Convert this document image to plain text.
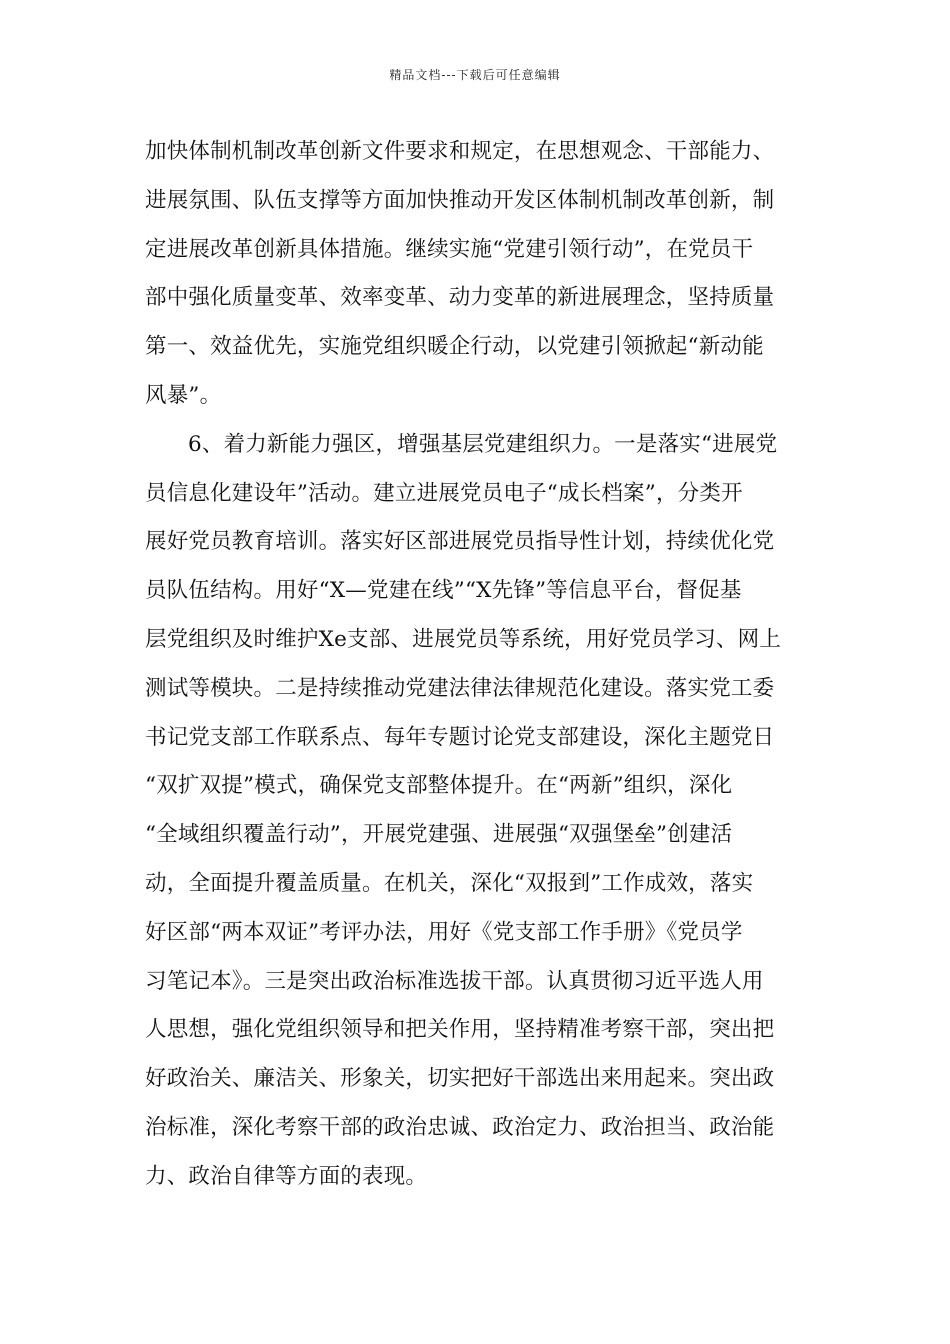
精品文档---下载后可任意编辑
加快体制机制改革创新文件要求和规定，在思想观念、干部能力、
进展氛围、队伍支撑等方面加快推动开发区体制机制改革创新，制
定进展改革创新具体措施。继续实施“党建引领行动”，在党员干
部中强化质量变革、效率变革、动力变革的新进展理念，坚持质量
第一、效益优先，实施党组织暖企行动，以党建引领掀起“新动能
风暴”。
6、着力新能力强区，增强基层党建组织力。一是落实“进展党
员信息化建设年”活动。建立进展党员电子“成长档案”，分类开
展好党员教育培训。落实好区部进展党员指导性计划，持续优化党
员队伍结构。用好“X—党建在线”“X先锋”等信息平台，督促基
层党组织及时维护Xe支部、进展党员等系统，用好党员学习、网上
测试等模块。二是持续推动党建法律法律规范化建设。落实党工委
书记党支部工作联系点、每年专题讨论党支部建设，深化主题党日
“双扩双提”模式，确保党支部整体提升。在“两新”组织，深化
“全域组织覆盖行动”，开展党建强、进展强“双强堡垒”创建活
动，全面提升覆盖质量。在机关，深化“双报到”工作成效，落实
好区部“两本双证”考评办法，用好《党支部工作手册》《党员学
习笔记本》。三是突出政治标准选拔干部。认真贯彻习近平选人用
人思想，强化党组织领导和把关作用，坚持精准考察干部，突出把
好政治关、廉洁关、形象关，切实把好干部选出来用起来。突出政
治标准，深化考察干部的政治忠诚、政治定力、政治担当、政治能
力、政治自律等方面的表现。
